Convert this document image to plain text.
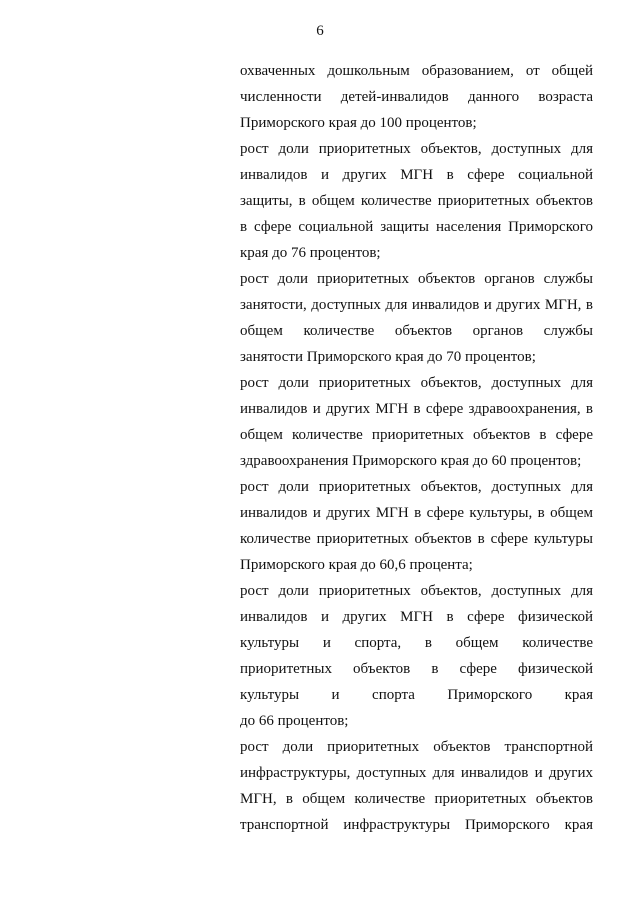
6
охваченных дошкольным образованием, от общей
численности детей-инвалидов данного возраста
Приморского края до 100 процентов;
рост доли приоритетных объектов, доступных для
инвалидов и других МГН в сфере социальной
защиты, в общем количестве приоритетных объектов
в сфере социальной защиты населения Приморского
края до 76 процентов;
рост доли приоритетных объектов органов службы
занятости, доступных для инвалидов и других МГН, в
общем количестве объектов органов службы
занятости Приморского края до 70 процентов;
рост доли приоритетных объектов, доступных для
инвалидов и других МГН в сфере здравоохранения, в
общем количестве приоритетных объектов в сфере
здравоохранения Приморского края до 60 процентов;
рост доли приоритетных объектов, доступных для
инвалидов и других МГН в сфере культуры, в общем
количестве приоритетных объектов в сфере культуры
Приморского края до 60,6 процента;
рост доли приоритетных объектов, доступных для
инвалидов и других МГН в сфере физической
культуры и спорта, в общем количестве
приоритетных объектов в сфере физической
культуры и спорта Приморского края
до 66 процентов;
рост доли приоритетных объектов транспортной
инфраструктуры, доступных для инвалидов и других
МГН, в общем количестве приоритетных объектов
транспортной инфраструктуры Приморского края
